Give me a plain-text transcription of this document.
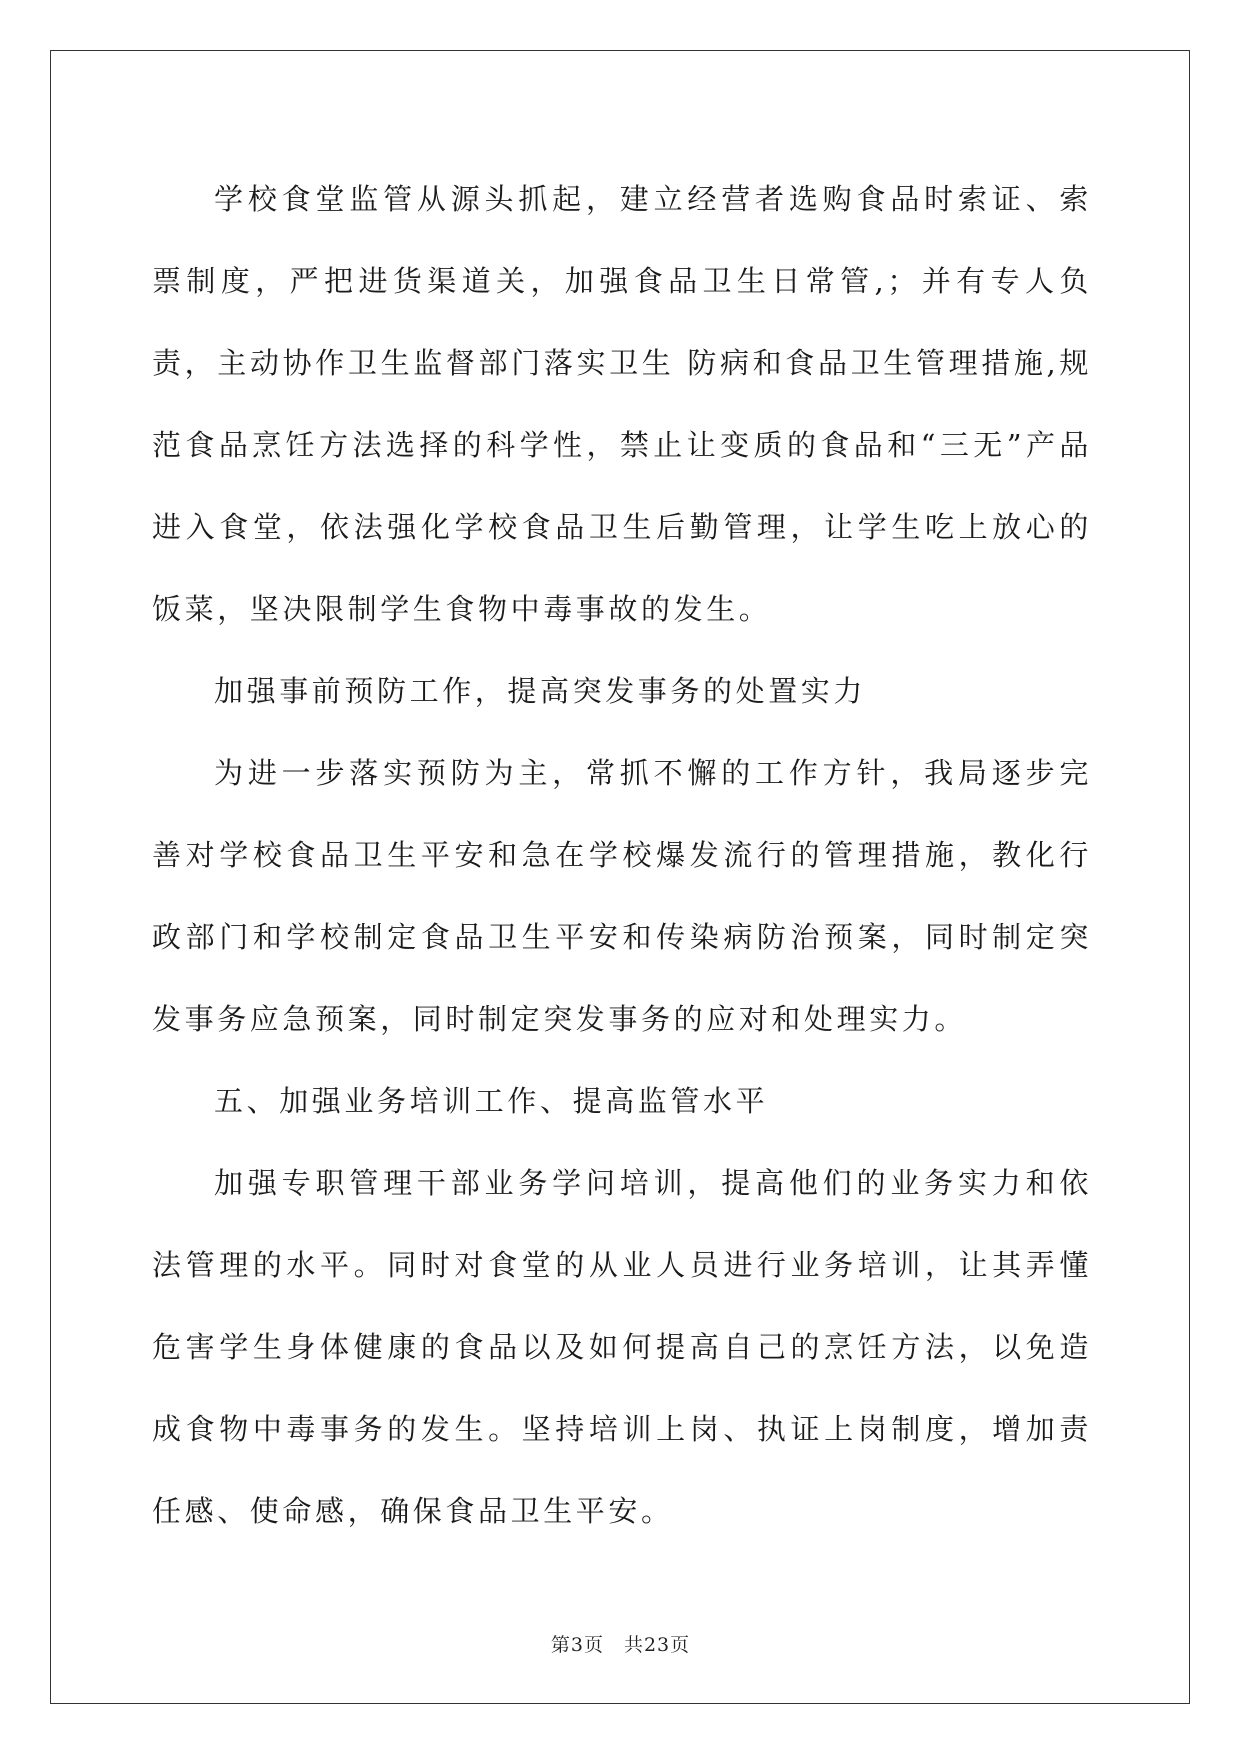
学校食堂监管从源头抓起，建立经营者选购食品时索证、索票制度，严把进货渠道关，加强食品卫生日常管,；并有专人负责，主动协作卫生监督部门落实卫生 防病和食品卫生管理措施,规范食品烹饪方法选择的科学性，禁止让变质的食品和“三无”产品进入食堂，依法强化学校食品卫生后勤管理，让学生吃上放心的饭菜，坚决限制学生食物中毒事故的发生。

加强事前预防工作，提高突发事务的处置实力

为进一步落实预防为主，常抓不懈的工作方针，我局逐步完善对学校食品卫生平安和急在学校爆发流行的管理措施，教化行政部门和学校制定食品卫生平安和传染病防治预案，同时制定突发事务应急预案，同时制定突发事务的应对和处理实力。

五、加强业务培训工作、提高监管水平

加强专职管理干部业务学问培训，提高他们的业务实力和依法管理的水平。同时对食堂的从业人员进行业务培训，让其弄懂危害学生身体健康的食品以及如何提高自己的烹饪方法，以免造成食物中毒事务的发生。坚持培训上岗、执证上岗制度，增加责任感、使命感，确保食品卫生平安。

第3页　共23页
